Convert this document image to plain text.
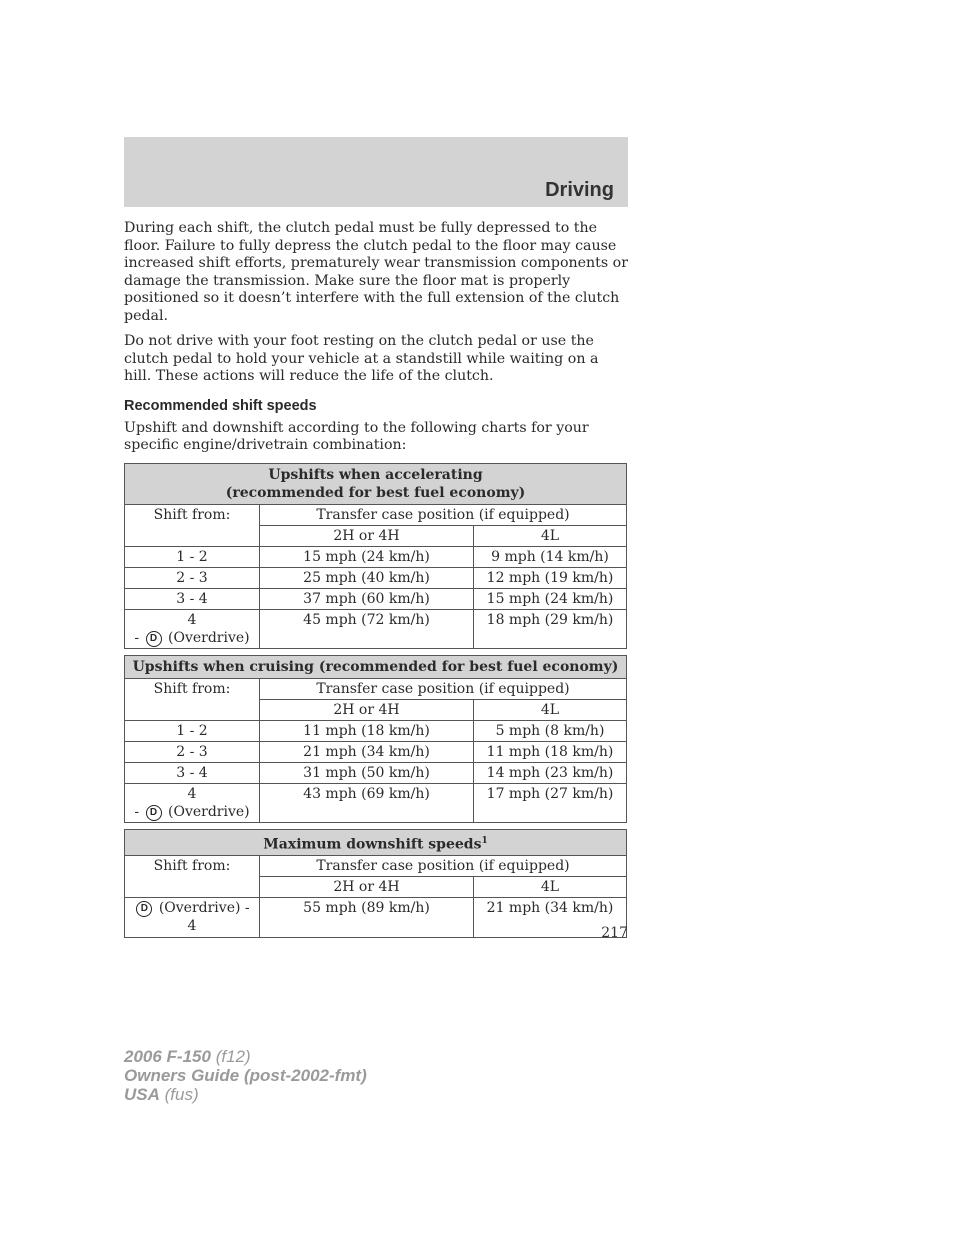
Driving

During each shift, the clutch pedal must be fully depressed to the floor. Failure to fully depress the clutch pedal to the floor may cause increased shift efforts, prematurely wear transmission components or damage the transmission. Make sure the floor mat is properly positioned so it doesn’t interfere with the full extension of the clutch pedal.

Do not drive with your foot resting on the clutch pedal or use the clutch pedal to hold your vehicle at a standstill while waiting on a hill. These actions will reduce the life of the clutch.

Recommended shift speeds

Upshift and downshift according to the following charts for your specific engine/drivetrain combination:

Upshifts when accelerating
(recommended for best fuel economy)		
Shift from:	Transfer case position (if equipped)	
	2H or 4H	4L
1 - 2	15 mph (24 km/h)	9 mph (14 km/h)
2 - 3	25 mph (40 km/h)	12 mph (19 km/h)
3 - 4	37 mph (60 km/h)	15 mph (24 km/h)
4
- D (Overdrive)	45 mph (72 km/h)	18 mph (29 km/h)
Upshifts when cruising (recommended for best fuel economy)		
Shift from:	Transfer case position (if equipped)	
	2H or 4H	4L
1 - 2	11 mph (18 km/h)	5 mph (8 km/h)
2 - 3	21 mph (34 km/h)	11 mph (18 km/h)
3 - 4	31 mph (50 km/h)	14 mph (23 km/h)
4
- D (Overdrive)	43 mph (69 km/h)	17 mph (27 km/h)
Maximum downshift speeds$^1$
Shift from:	Transfer case position (if equipped)	
	2H or 4H	4L
D (Overdrive) -
4	55 mph (89 km/h)	21 mph (34 km/h)
217
2006 F-150 (f12)
Owners Guide (post-2002-fmt)
USA (fus)
